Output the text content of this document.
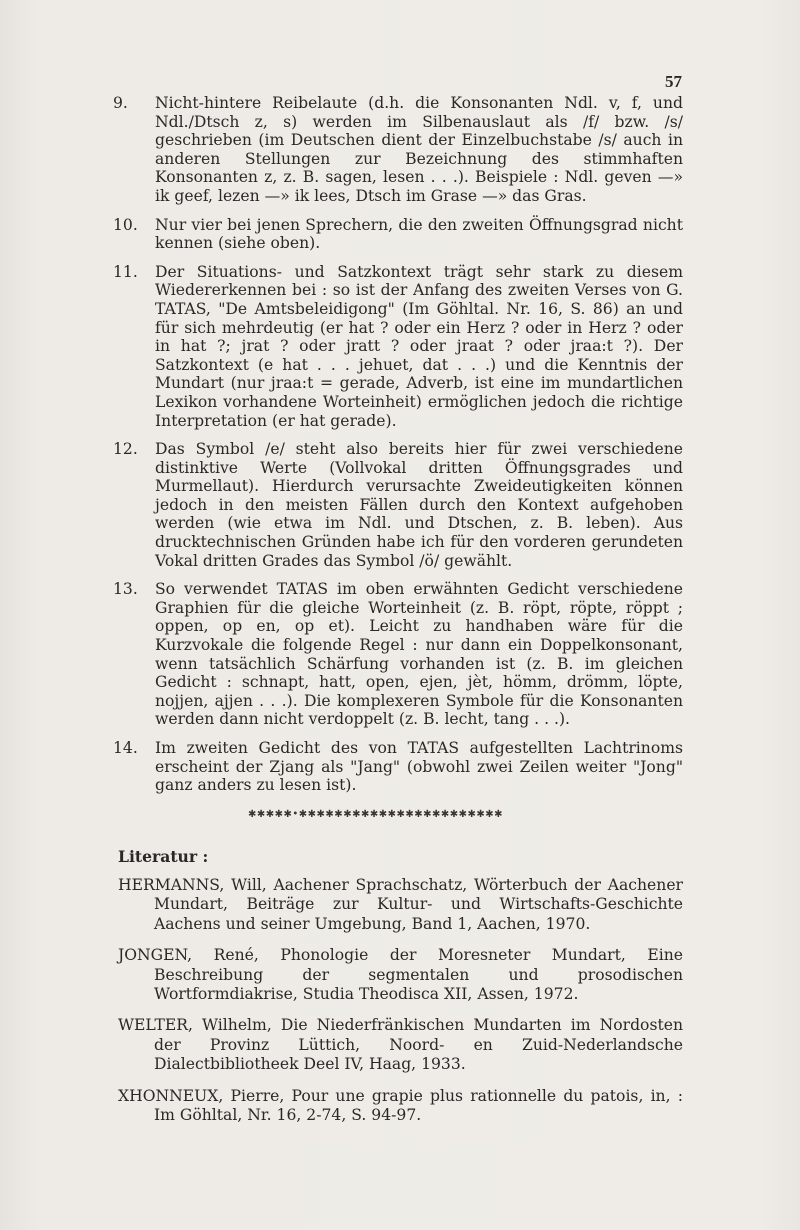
57
9.	Nicht-hintere Reibelaute (d.h. die Konsonanten Ndl. v, f, und Ndl./Dtsch z, s) werden im Silbenauslaut als /f/ bzw. /s/ geschrieben (im Deutschen dient der Einzelbuchstabe /s/ auch in anderen Stellungen zur Bezeichnung des stimmhaften Konsonanten z, z. B. sagen, lesen . . .). Beispiele : Ndl. geven —» ik geef, lezen —» ik lees, Dtsch im Grase —» das Gras.
10.	Nur vier bei jenen Sprechern, die den zweiten Öffnungsgrad nicht kennen (siehe oben).
11.	Der Situations- und Satzkontext trägt sehr stark zu diesem Wiedererkennen bei : so ist der Anfang des zweiten Verses von G. TATAS, "De Amtsbeleidigong" (Im Göhltal. Nr. 16, S. 86) an und für sich mehrdeutig (er hat ? oder ein Herz ? oder in Herz ? oder in hat ?; jrat ? oder jratt ? oder jraat ? oder jraa:t ?). Der Satzkontext (e hat . . . jehuet, dat . . .) und die Kenntnis der Mundart (nur jraa:t = gerade, Adverb, ist eine im mundartlichen Lexikon vorhandene Worteinheit) ermöglichen jedoch die richtige Interpretation (er hat gerade).
12.	Das Symbol /e/ steht also bereits hier für zwei verschiedene distinktive Werte (Vollvokal dritten Öffnungsgrades und Murmellaut). Hierdurch verursachte Zweideutigkeiten können jedoch in den meisten Fällen durch den Kontext aufgehoben werden (wie etwa im Ndl. und Dtschen, z. B. leben). Aus drucktechnischen Gründen habe ich für den vorderen gerundeten Vokal dritten Grades das Symbol /ö/ gewählt.
13.	So verwendet TATAS im oben erwähnten Gedicht verschiedene Graphien für die gleiche Worteinheit (z. B. röpt, röpte, röppt ; oppen, op en, op et). Leicht zu handhaben wäre für die Kurzvokale die folgende Regel : nur dann ein Doppelkonsonant, wenn tatsächlich Schärfung vorhanden ist (z. B. im gleichen Gedicht : schnapt, hatt, open, ejen, jèt, hömm, drömm, löpte, nojjen, ajjen . . .). Die komplexeren Symbole für die Konsonanten werden dann nicht verdoppelt (z. B. lecht, tang . . .).
14.	Im zweiten Gedicht des von TATAS aufgestellten Lachtrinoms erscheint der Zjang als "Jang" (obwohl zwei Zeilen weiter "Jong" ganz anders zu lesen ist).
✱✱✱✱✱•✱✱✱✱✱✱✱✱✱✱✱✱✱✱✱✱✱✱✱✱✱✱✱
Literatur :
HERMANNS, Will, Aachener Sprachschatz, Wörterbuch der Aachener Mundart, Beiträge zur Kultur- und Wirtschafts-Geschichte Aachens und seiner Umgebung, Band 1, Aachen, 1970.
JONGEN, René, Phonologie der Moresneter Mundart, Eine Beschreibung der segmentalen und prosodischen Wortformdiakrise, Studia Theodisca XII, Assen, 1972.
WELTER, Wilhelm, Die Niederfränkischen Mundarten im Nordosten der Provinz Lüttich, Noord- en Zuid-Nederlandsche Dialectbibliotheek Deel IV, Haag, 1933.
XHONNEUX, Pierre, Pour une grapie plus rationnelle du patois, in, : Im Göhltal, Nr. 16, 2-74, S. 94-97.
